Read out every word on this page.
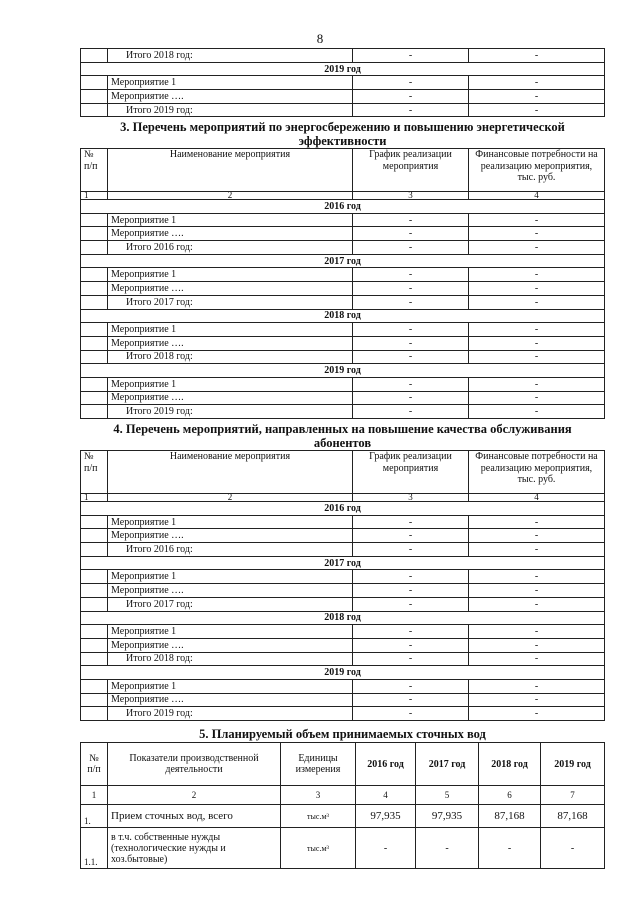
8
	Итого 2018 год:	-	-
2019 год			
	Мероприятие 1	-	-
	Мероприятие ….	-	-
	Итого 2019 год:	-	-
3. Перечень мероприятий по энергосбережению и повышению энергетической
эффективности
№ п/п	Наименование мероприятия	График реализации мероприятия	Финансовые потребности на реализацию мероприятия, тыс. руб.
1	2	3	4
2016 год			
	Мероприятие 1	-	-
	Мероприятие ….	-	-
	Итого 2016 год:	-	-
2017 год			
	Мероприятие 1	-	-
	Мероприятие ….	-	-
	Итого 2017 год:	-	-
2018 год			
	Мероприятие 1	-	-
	Мероприятие ….	-	-
	Итого 2018 год:	-	-
2019 год			
	Мероприятие 1	-	-
	Мероприятие ….	-	-
	Итого 2019 год:	-	-
4. Перечень мероприятий, направленных на повышение качества обслуживания
абонентов
№ п/п	Наименование мероприятия	График реализации мероприятия	Финансовые потребности на реализацию мероприятия, тыс. руб.
1	2	3	4
2016 год			
	Мероприятие 1	-	-
	Мероприятие ….	-	-
	Итого 2016 год:	-	-
2017 год			
	Мероприятие 1	-	-
	Мероприятие ….	-	-
	Итого 2017 год:	-	-
2018 год			
	Мероприятие 1	-	-
	Мероприятие ….	-	-
	Итого 2018 год:	-	-
2019 год			
	Мероприятие 1	-	-
	Мероприятие ….	-	-
	Итого 2019 год:	-	-
5. Планируемый объем принимаемых сточных вод
№ п/п	Показатели производственной деятельности	Единицы измерения	2016 год	2017 год	2018 год	2019 год
1	2	3	4	5	6	7
1.	Прием сточных вод, всего	тыс.м³	97,935	97,935	87,168	87,168
1.1.	в т.ч. собственные нужды (технологические нужды и хоз.бытовые)	тыс.м³	-	-	-	-
